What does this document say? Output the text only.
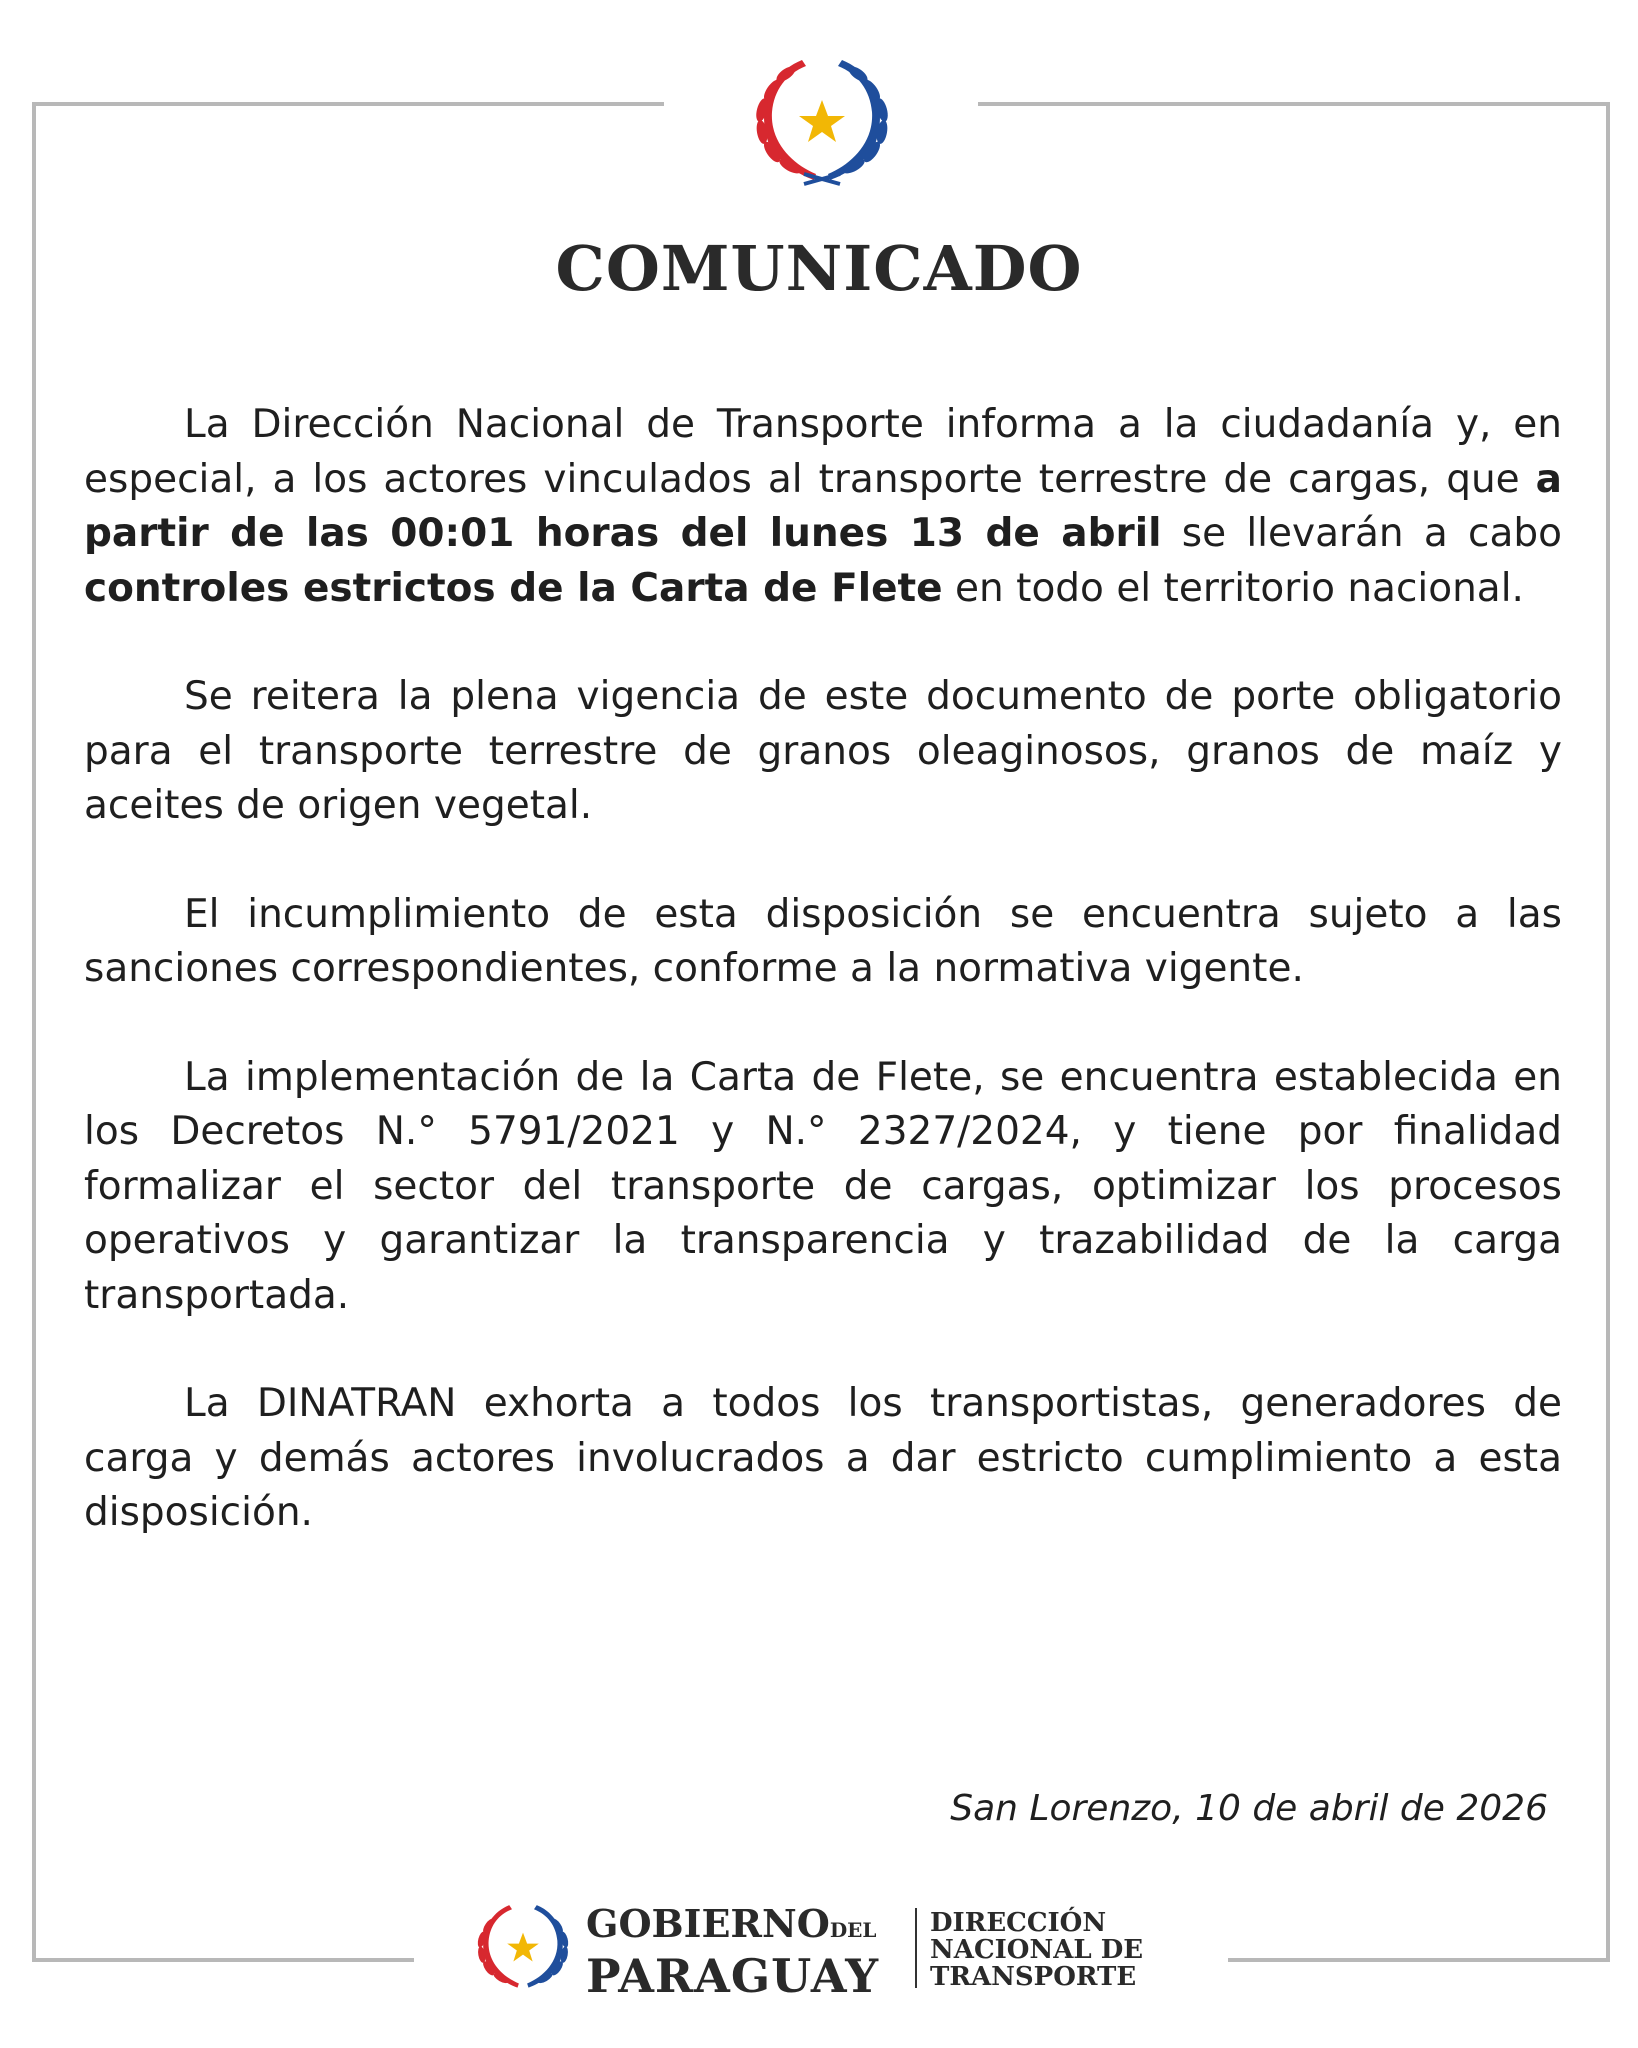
COMUNICADO

La Dirección Nacional de Transporte informa a la ciudadanía y, en especial, a los actores vinculados al transporte terrestre de cargas, que a partir de las 00:01 horas del lunes 13 de abril se llevarán a cabo controles estrictos de la Carta de Flete en todo el territorio nacional.

Se reitera la plena vigencia de este documento de porte obligatorio para el transporte terrestre de granos oleaginosos, granos de maíz y aceites de origen vegetal.

El incumplimiento de esta disposición se encuentra sujeto a las sanciones correspondientes, conforme a la normativa vigente.

La implementación de la Carta de Flete, se encuentra establecida en los Decretos N.° 5791/2021 y N.° 2327/2024, y tiene por finalidad formalizar el sector del transporte de cargas, optimizar los procesos operativos y garantizar la transparencia y trazabilidad de la carga transportada.

La DINATRAN exhorta a todos los transportistas, generadores de carga y demás actores involucrados a dar estricto cumplimiento a esta disposición.

San Lorenzo, 10 de abril de 2026
GOBIERNODEL
PARAGUAY
DIRECCIÓN
NACIONAL DE
TRANSPORTE
